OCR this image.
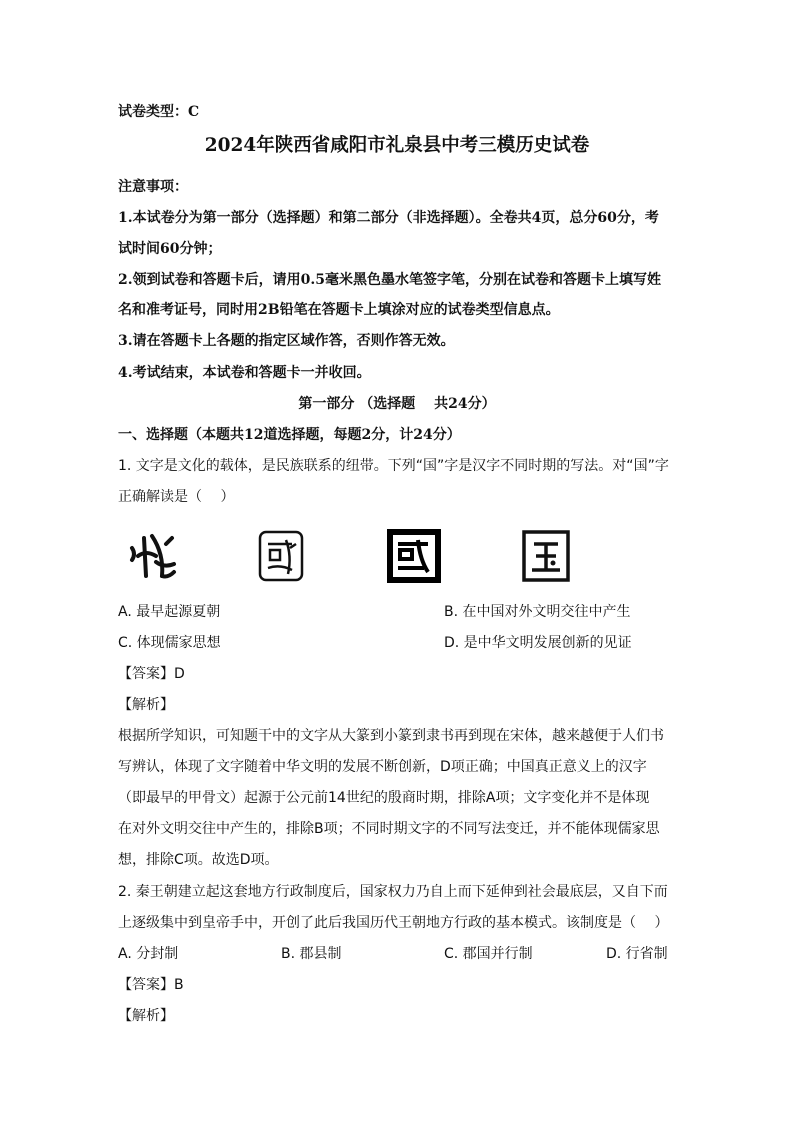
试卷类型：C
2024年陕西省咸阳市礼泉县中考三模历史试卷
注意事项：
1.本试卷分为第一部分（选择题）和第二部分（非选择题）。全卷共4页，总分60分，考
试时间60分钟；
2.领到试卷和答题卡后，请用0.5毫米黑色墨水笔签字笔，分别在试卷和答题卡上填写姓
名和准考证号，同时用2B铅笔在答题卡上填涂对应的试卷类型信息点。
3.请在答题卡上各题的指定区域作答，否则作答无效。
4.考试结束，本试卷和答题卡一并收回。
第一部分 （选择题　 共24分）
一、选择题（本题共12道选择题，每题2分，计24分）
1. 文字是文化的载体，是民族联系的纽带。下列“国”字是汉字不同时期的写法。对“国”字
正确解读是（　 ）
A. 最早起源夏朝	B. 在中国对外文明交往中产生
C. 体现儒家思想	D. 是中华文明发展创新的见证
【答案】D
【解析】
根据所学知识，可知题干中的文字从大篆到小篆到隶书再到现在宋体，越来越便于人们书
写辨认，体现了文字随着中华文明的发展不断创新，D项正确；中国真正意义上的汉字
（即最早的甲骨文）起源于公元前14世纪的殷商时期，排除A项；文字变化并不是体现
在对外文明交往中产生的，排除B项；不同时期文字的不同写法变迁，并不能体现儒家思
想，排除C项。故选D项。
2. 秦王朝建立起这套地方行政制度后，国家权力乃自上而下延伸到社会最底层，又自下而
上逐级集中到皇帝手中，开创了此后我国历代王朝地方行政的基本模式。该制度是（　 ）
A. 分封制	B. 郡县制	C. 郡国并行制	D. 行省制
【答案】B
【解析】
